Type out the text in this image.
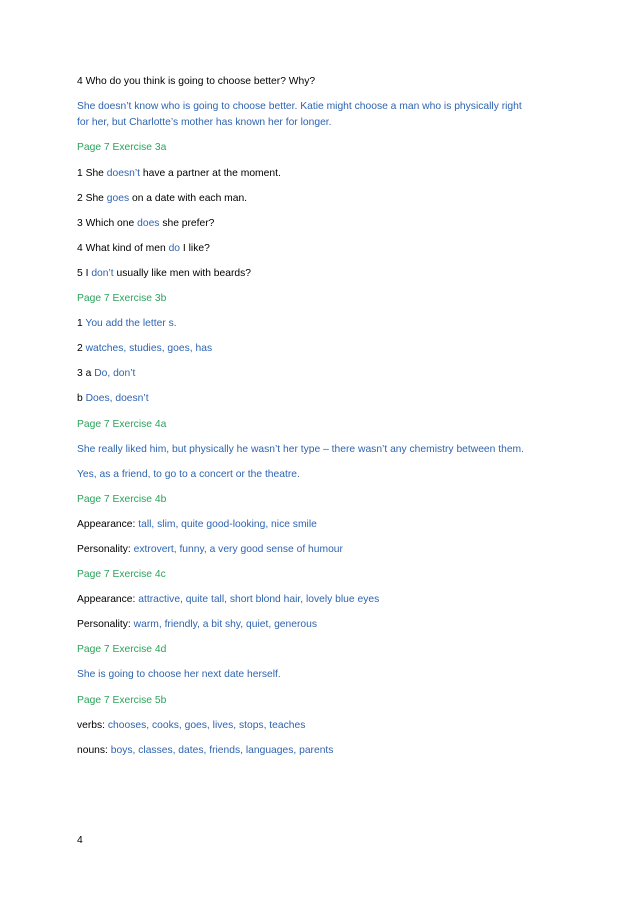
4 Who do you think is going to choose better? Why?

She doesn’t know who is going to choose better. Katie might choose a man who is physically right
for her, but Charlotte’s mother has known her for longer.

Page 7 Exercise 3a

1 She doesn’t have a partner at the moment.

2 She goes on a date with each man.

3 Which one does she prefer?

4 What kind of men do I like?

5 I don’t usually like men with beards?

Page 7 Exercise 3b

1 You add the letter s.

2 watches, studies, goes, has

3 a Do, don’t

b Does, doesn’t

Page 7 Exercise 4a

She really liked him, but physically he wasn’t her type – there wasn’t any chemistry between them.

Yes, as a friend, to go to a concert or the theatre.

Page 7 Exercise 4b

Appearance: tall, slim, quite good-looking, nice smile

Personality: extrovert, funny, a very good sense of humour

Page 7 Exercise 4c

Appearance: attractive, quite tall, short blond hair, lovely blue eyes

Personality: warm, friendly, a bit shy, quiet, generous

Page 7 Exercise 4d

She is going to choose her next date herself.

Page 7 Exercise 5b

verbs: chooses, cooks, goes, lives, stops, teaches

nouns: boys, classes, dates, friends, languages, parents

4
